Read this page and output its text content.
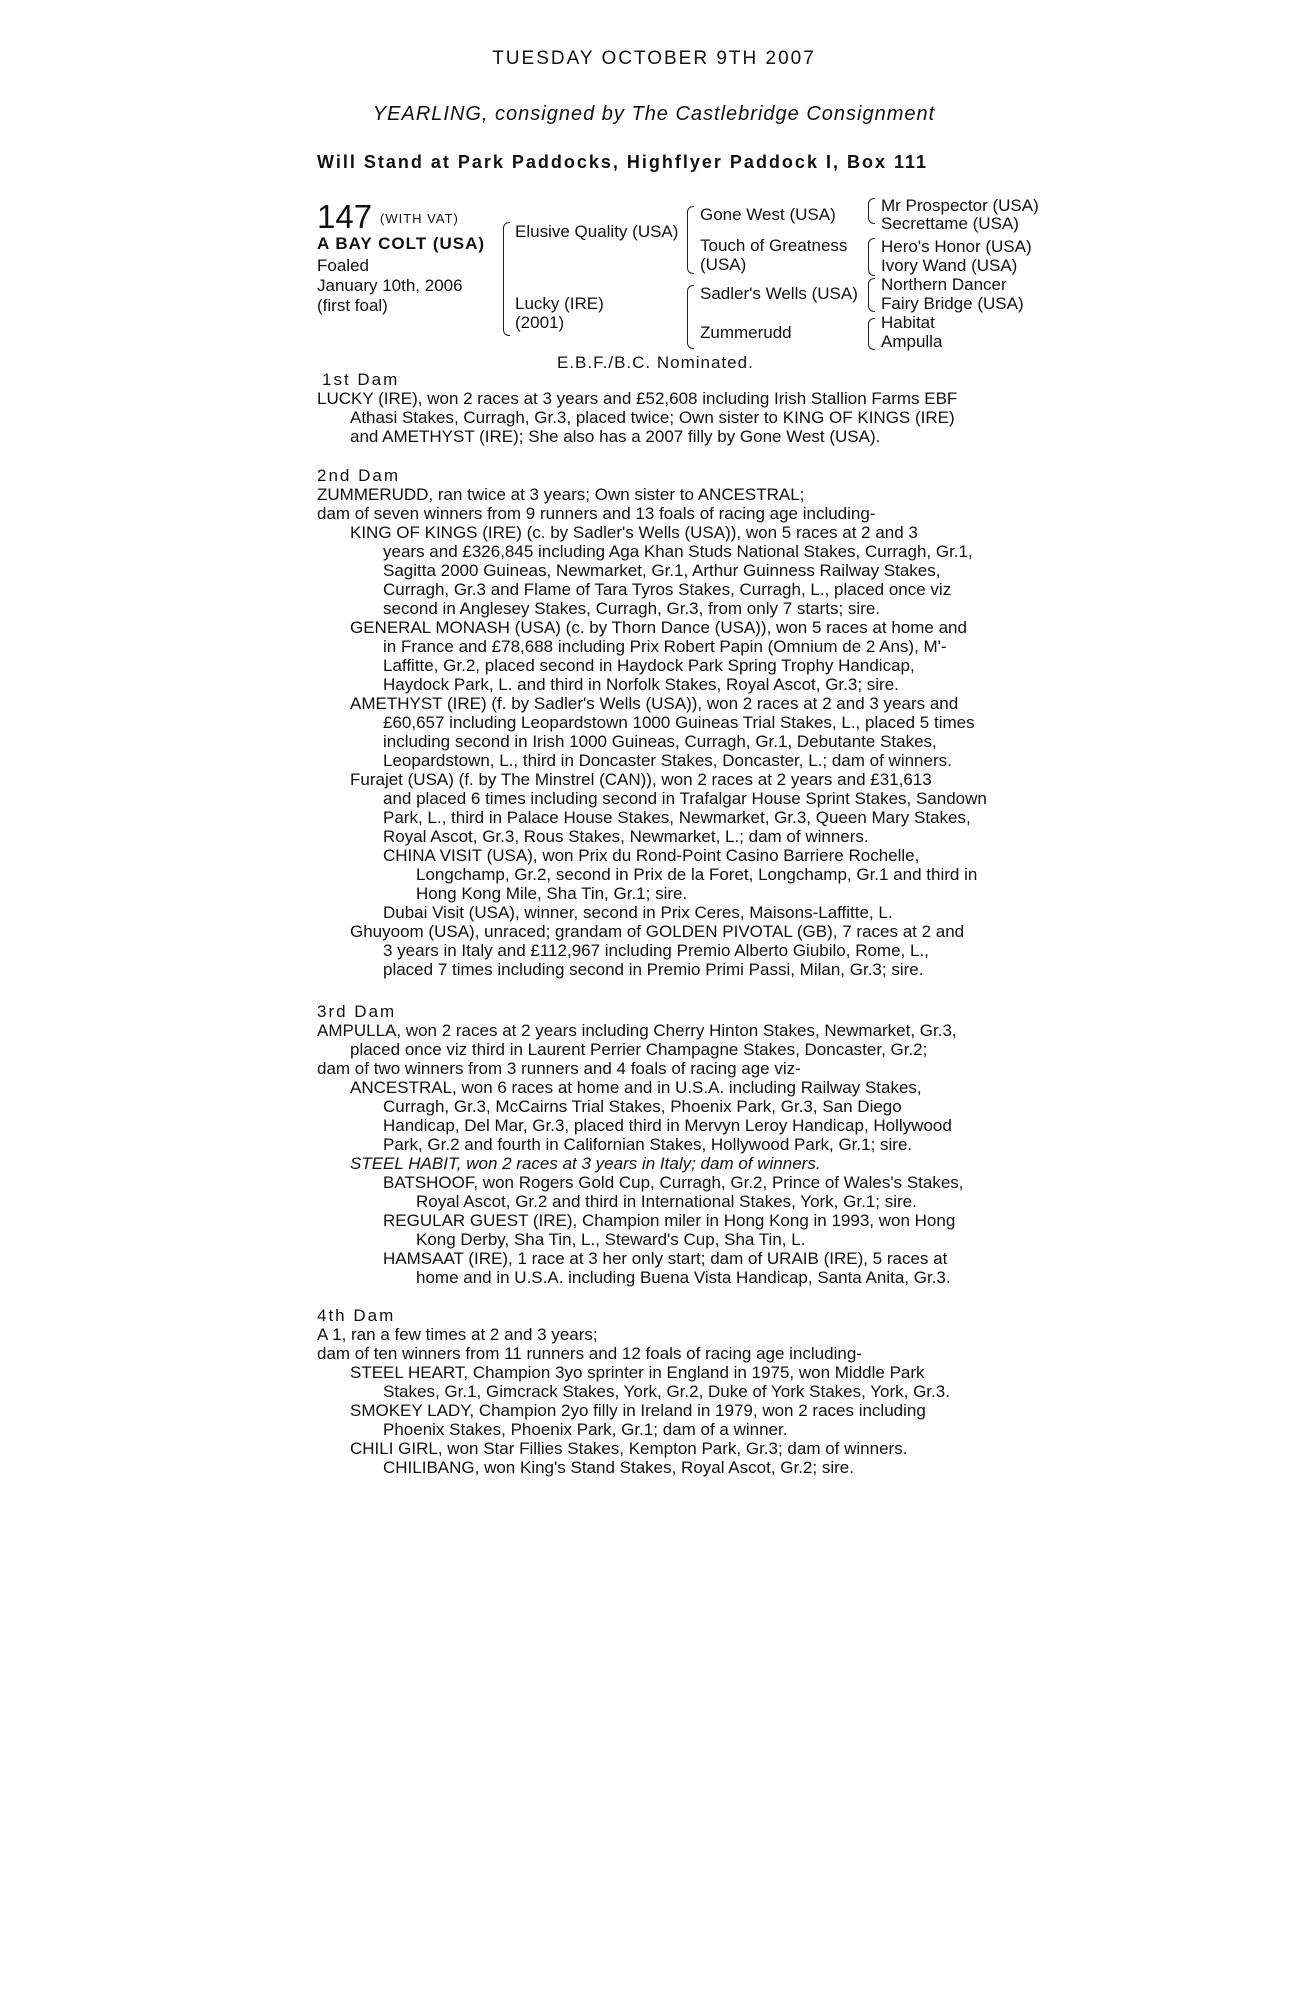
TUESDAY OCTOBER 9TH 2007
YEARLING, consigned by The Castlebridge Consignment
Will Stand at Park Paddocks, Highflyer Paddock I, Box 111
147 (WITH VAT)
A BAY COLT (USA)
Foaled
January 10th, 2006
(first foal)
Elusive Quality (USA)
Lucky (IRE)
(2001)
Gone West (USA)
Touch of Greatness
(USA)
Sadler's Wells (USA)
Zummerudd
Mr Prospector (USA)
Secrettame (USA)
Hero's Honor (USA)
Ivory Wand (USA)
Northern Dancer
Fairy Bridge (USA)
Habitat
Ampulla
E.B.F./B.C. Nominated.

1st Dam

LUCKY (IRE), won 2 races at 3 years and £52,608 including Irish Stallion Farms EBF

Athasi Stakes, Curragh, Gr.3, placed twice; Own sister to KING OF KINGS (IRE)

and AMETHYST (IRE); She also has a 2007 filly by Gone West (USA).

2nd Dam

ZUMMERUDD, ran twice at 3 years; Own sister to ANCESTRAL;

dam of seven winners from 9 runners and 13 foals of racing age including-

KING OF KINGS (IRE) (c. by Sadler's Wells (USA)), won 5 races at 2 and 3

years and £326,845 including Aga Khan Studs National Stakes, Curragh, Gr.1,

Sagitta 2000 Guineas, Newmarket, Gr.1, Arthur Guinness Railway Stakes,

Curragh, Gr.3 and Flame of Tara Tyros Stakes, Curragh, L., placed once viz

second in Anglesey Stakes, Curragh, Gr.3, from only 7 starts; sire.

GENERAL MONASH (USA) (c. by Thorn Dance (USA)), won 5 races at home and

in France and £78,688 including Prix Robert Papin (Omnium de 2 Ans), M'-

Laffitte, Gr.2, placed second in Haydock Park Spring Trophy Handicap,

Haydock Park, L. and third in Norfolk Stakes, Royal Ascot, Gr.3; sire.

AMETHYST (IRE) (f. by Sadler's Wells (USA)), won 2 races at 2 and 3 years and

£60,657 including Leopardstown 1000 Guineas Trial Stakes, L., placed 5 times

including second in Irish 1000 Guineas, Curragh, Gr.1, Debutante Stakes,

Leopardstown, L., third in Doncaster Stakes, Doncaster, L.; dam of winners.

Furajet (USA) (f. by The Minstrel (CAN)), won 2 races at 2 years and £31,613

and placed 6 times including second in Trafalgar House Sprint Stakes, Sandown

Park, L., third in Palace House Stakes, Newmarket, Gr.3, Queen Mary Stakes,

Royal Ascot, Gr.3, Rous Stakes, Newmarket, L.; dam of winners.

CHINA VISIT (USA), won Prix du Rond-Point Casino Barriere Rochelle,

Longchamp, Gr.2, second in Prix de la Foret, Longchamp, Gr.1 and third in

Hong Kong Mile, Sha Tin, Gr.1; sire.

Dubai Visit (USA), winner, second in Prix Ceres, Maisons-Laffitte, L.

Ghuyoom (USA), unraced; grandam of GOLDEN PIVOTAL (GB), 7 races at 2 and

3 years in Italy and £112,967 including Premio Alberto Giubilo, Rome, L.,

placed 7 times including second in Premio Primi Passi, Milan, Gr.3; sire.

3rd Dam

AMPULLA, won 2 races at 2 years including Cherry Hinton Stakes, Newmarket, Gr.3,

placed once viz third in Laurent Perrier Champagne Stakes, Doncaster, Gr.2;

dam of two winners from 3 runners and 4 foals of racing age viz-

ANCESTRAL, won 6 races at home and in U.S.A. including Railway Stakes,

Curragh, Gr.3, McCairns Trial Stakes, Phoenix Park, Gr.3, San Diego

Handicap, Del Mar, Gr.3, placed third in Mervyn Leroy Handicap, Hollywood

Park, Gr.2 and fourth in Californian Stakes, Hollywood Park, Gr.1; sire.

STEEL HABIT, won 2 races at 3 years in Italy; dam of winners.

BATSHOOF, won Rogers Gold Cup, Curragh, Gr.2, Prince of Wales's Stakes,

Royal Ascot, Gr.2 and third in International Stakes, York, Gr.1; sire.

REGULAR GUEST (IRE), Champion miler in Hong Kong in 1993, won Hong

Kong Derby, Sha Tin, L., Steward's Cup, Sha Tin, L.

HAMSAAT (IRE), 1 race at 3 her only start; dam of URAIB (IRE), 5 races at

home and in U.S.A. including Buena Vista Handicap, Santa Anita, Gr.3.

4th Dam

A 1, ran a few times at 2 and 3 years;

dam of ten winners from 11 runners and 12 foals of racing age including-

STEEL HEART, Champion 3yo sprinter in England in 1975, won Middle Park

Stakes, Gr.1, Gimcrack Stakes, York, Gr.2, Duke of York Stakes, York, Gr.3.

SMOKEY LADY, Champion 2yo filly in Ireland in 1979, won 2 races including

Phoenix Stakes, Phoenix Park, Gr.1; dam of a winner.

CHILI GIRL, won Star Fillies Stakes, Kempton Park, Gr.3; dam of winners.

CHILIBANG, won King's Stand Stakes, Royal Ascot, Gr.2; sire.
